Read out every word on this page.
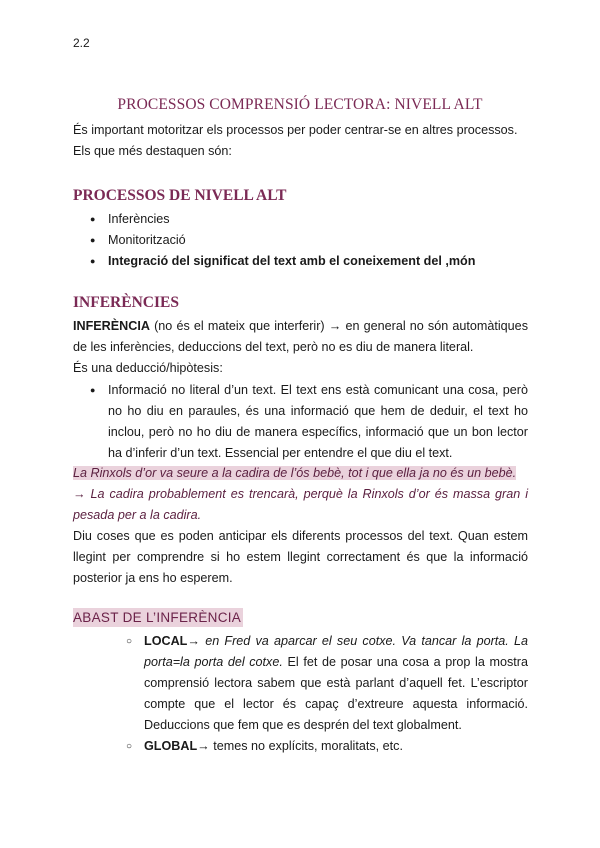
2.2
PROCESSOS COMPRENSIÓ LECTORA: NIVELL ALT
És important motoritzar els processos per poder centrar-se en altres processos.
Els que més destaquen són:
PROCESSOS DE NIVELL ALT
● Inferències
● Monitorització
● Integració del significat del text amb el coneixement del ,món
INFERÈNCIES
INFERÈNCIA (no és el mateix que interferir) → en general no són automàtiques de les inferències, deduccions del text, però no es diu de manera literal.
És una deducció/hipòtesis:
● Informació no literal d’un text. El text ens està comunicant una cosa, però no ho diu en paraules, és una informació que hem de deduir, el text ho inclou, però no ho diu de manera específics, informació que un bon lector ha d’inferir d’un text. Essencial per entendre el que diu el text.
La Rinxols d’or va seure a la cadira de l’ós bebè, tot i que ella ja no és un bebè.
→ La cadira probablement es trencarà, perquè la Rinxols d’or és massa gran i pesada per a la cadira.
Diu coses que es poden anticipar els diferents processos del text. Quan estem llegint per comprendre si ho estem llegint correctament és que la informació posterior ja ens ho esperem.
ABAST DE L’INFERÈNCIA
○ LOCAL→ en Fred va aparcar el seu cotxe. Va tancar la porta. La porta=la porta del cotxe. El fet de posar una cosa a prop la mostra comprensió lectora sabem que està parlant d’aquell fet. L’escriptor compte que el lector és capaç d’extreure aquesta informació. Deduccions que fem que es desprén del text globalment.
○ GLOBAL→ temes no explícits, moralitats, etc.
